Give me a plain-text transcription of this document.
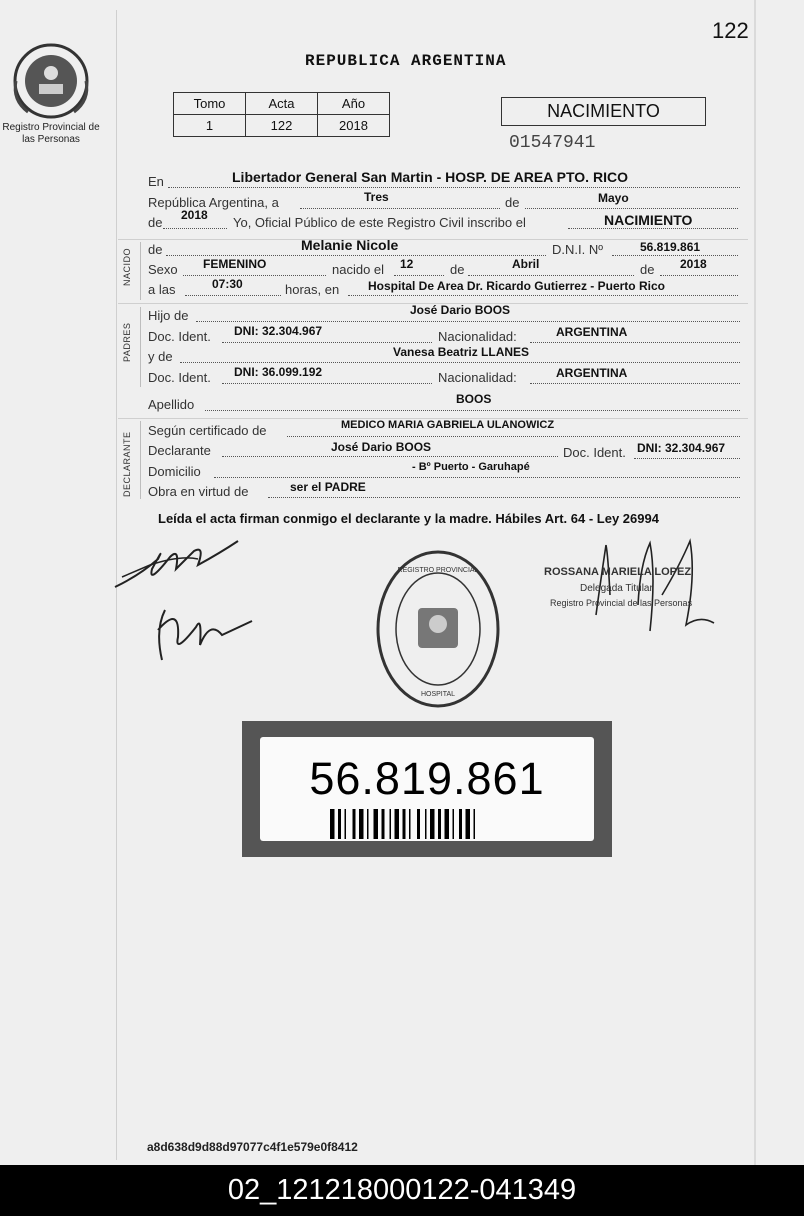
122
Registro Provincial de las Personas
REPUBLICA ARGENTINA
Tomo	Acta	Año
1	122	2018
NACIMIENTO
01547941
NACIDO
PADRES
DECLARANTE
En	Libertador General San Martin - HOSP. DE AREA PTO. RICO
República Argentina, a	Tres	de	Mayo
de 2018 Yo, Oficial Público de este Registro Civil inscribo el	NACIMIENTO
de	Melanie Nicole	D.N.I. Nº	56.819.861
Sexo FEMENINO	nacido el 12	de	Abril	de 2018
a las	07:30	horas, en Hospital De Area Dr. Ricardo Gutierrez - Puerto Rico
Hijo de	José Dario BOOS
Doc. Ident. DNI: 32.304.967	Nacionalidad:	ARGENTINA
y de	Vanesa Beatriz LLANES
Doc. Ident. DNI: 36.099.192	Nacionalidad:	ARGENTINA
Apellido	BOOS
Según certificado de	MEDICO MARIA GABRIELA ULANOWICZ
Declarante	José Dario BOOS	Doc. Ident. DNI: 32.304.967
Domicilio	- Bº Puerto - Garuhapé
Obra en virtud de	ser el PADRE
Leída el acta firman conmigo el declarante y la madre. Hábiles Art. 64 - Ley 26994
REGISTRO PROVINCIAL
HOSPITAL
ROSSANA MARIELA LOPEZ
Delegada Titular
Registro Provincial de las Personas
56.819.861
a8d638d9d88d97077c4f1e579e0f8412
02_121218000122-041349
